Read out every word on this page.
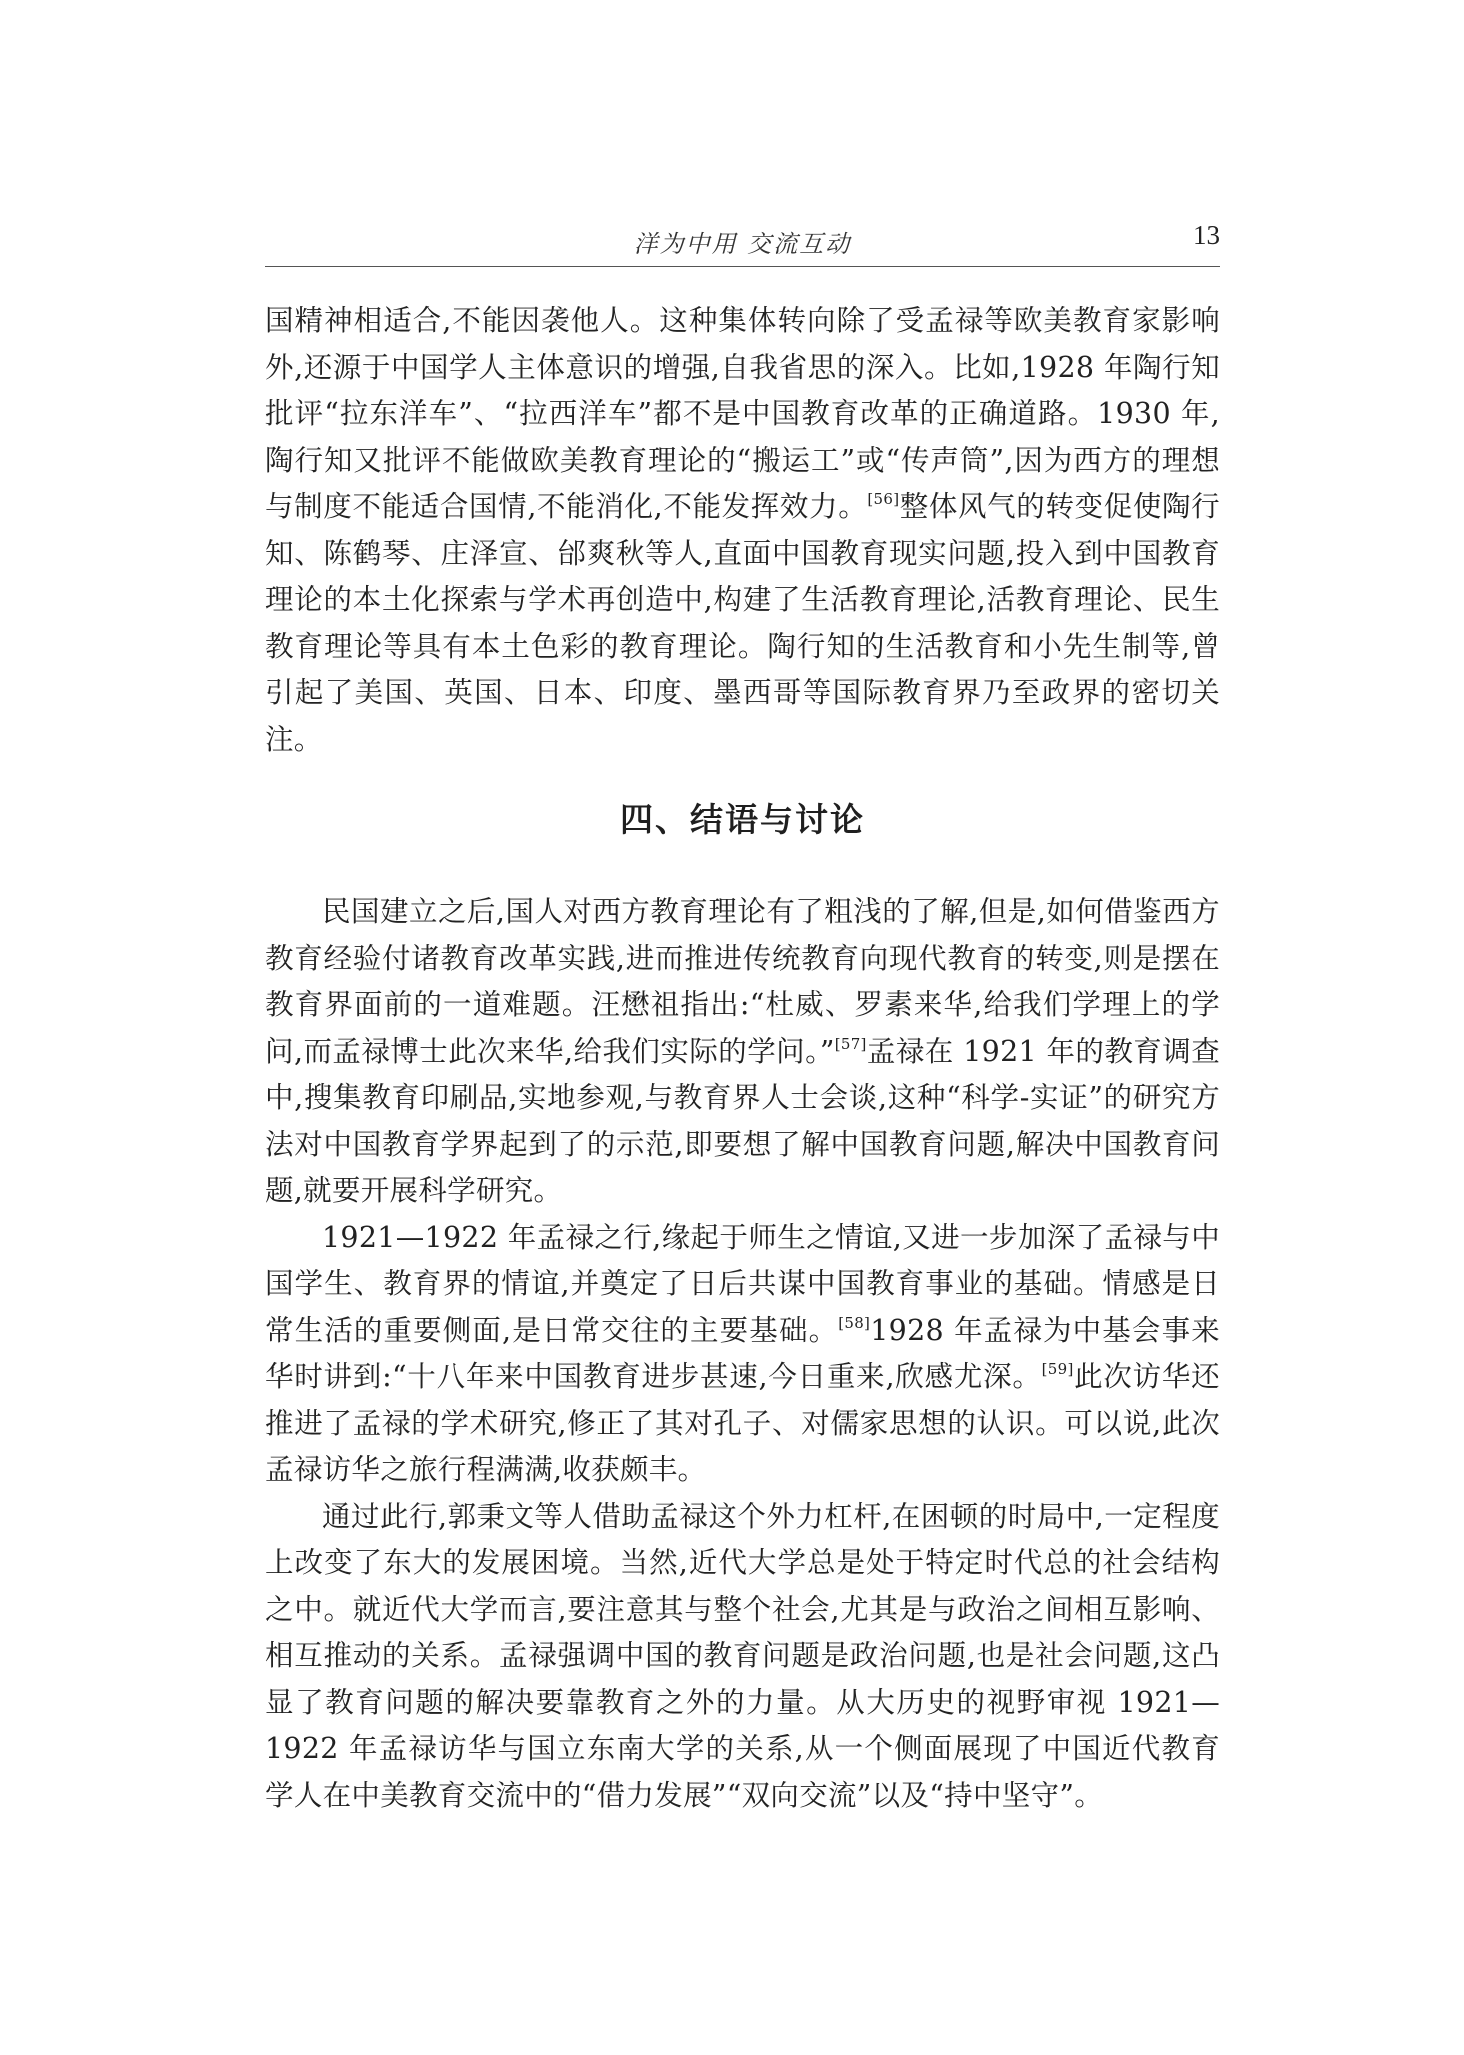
洋为中用 交流互动	13

国精神相适合,不能因袭他人。这种集体转向除了受孟禄等欧美教育家影响外,还源于中国学人主体意识的增强,自我省思的深入。比如,1928 年陶行知批评“拉东洋车”、“拉西洋车”都不是中国教育改革的正确道路。1930 年,陶行知又批评不能做欧美教育理论的“搬运工”或“传声筒”,因为西方的理想与制度不能适合国情,不能消化,不能发挥效力。[56]整体风气的转变促使陶行知、陈鹤琴、庄泽宣、邰爽秋等人,直面中国教育现实问题,投入到中国教育理论的本土化探索与学术再创造中,构建了生活教育理论,活教育理论、民生教育理论等具有本土色彩的教育理论。陶行知的生活教育和小先生制等,曾引起了美国、英国、日本、印度、墨西哥等国际教育界乃至政界的密切关注。

四、结语与讨论

民国建立之后,国人对西方教育理论有了粗浅的了解,但是,如何借鉴西方教育经验付诸教育改革实践,进而推进传统教育向现代教育的转变,则是摆在教育界面前的一道难题。汪懋祖指出:“杜威、罗素来华,给我们学理上的学问,而孟禄博士此次来华,给我们实际的学问。”[57]孟禄在 1921 年的教育调查中,搜集教育印刷品,实地参观,与教育界人士会谈,这种“科学-实证”的研究方法对中国教育学界起到了的示范,即要想了解中国教育问题,解决中国教育问题,就要开展科学研究。

1921—1922 年孟禄之行,缘起于师生之情谊,又进一步加深了孟禄与中国学生、教育界的情谊,并奠定了日后共谋中国教育事业的基础。情感是日常生活的重要侧面,是日常交往的主要基础。[58]1928 年孟禄为中基会事来华时讲到:“十八年来中国教育进步甚速,今日重来,欣感尤深。[59]此次访华还推进了孟禄的学术研究,修正了其对孔子、对儒家思想的认识。可以说,此次孟禄访华之旅行程满满,收获颇丰。

通过此行,郭秉文等人借助孟禄这个外力杠杆,在困顿的时局中,一定程度上改变了东大的发展困境。当然,近代大学总是处于特定时代总的社会结构之中。就近代大学而言,要注意其与整个社会,尤其是与政治之间相互影响、相互推动的关系。孟禄强调中国的教育问题是政治问题,也是社会问题,这凸显了教育问题的解决要靠教育之外的力量。从大历史的视野审视 1921—1922 年孟禄访华与国立东南大学的关系,从一个侧面展现了中国近代教育学人在中美教育交流中的“借力发展”“双向交流”以及“持中坚守”。
